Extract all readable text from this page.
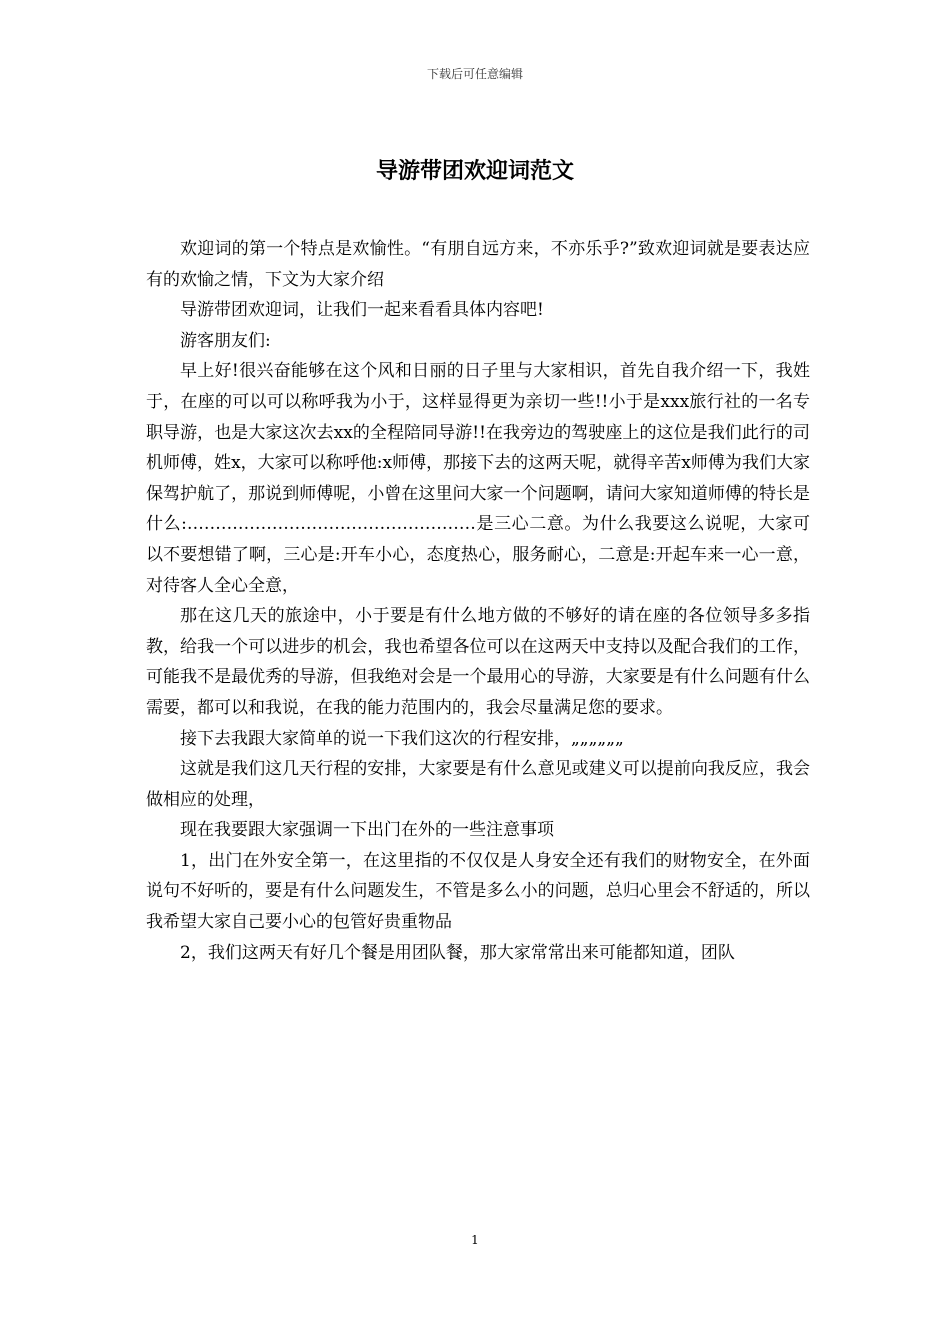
下载后可任意编辑
导游带团欢迎词范文

欢迎词的第一个特点是欢愉性。“有朋自远方来，不亦乐乎?”致欢迎词就是要表达应有的欢愉之情，下文为大家介绍

导游带团欢迎词，让我们一起来看看具体内容吧!

游客朋友们:

早上好!很兴奋能够在这个风和日丽的日子里与大家相识，首先自我介绍一下，我姓于，在座的可以可以称呼我为小于，这样显得更为亲切一些!!小于是xxx旅行社的一名专职导游，也是大家这次去xx的全程陪同导游!!在我旁边的驾驶座上的这位是我们此行的司机师傅，姓x，大家可以称呼他:x师傅，那接下去的这两天呢，就得辛苦x师傅为我们大家保驾护航了，那说到师傅呢，小曾在这里问大家一个问题啊，请问大家知道师傅的特长是什么:……………………………………………是三心二意。为什么我要这么说呢，大家可以不要想错了啊，三心是:开车小心，态度热心，服务耐心，二意是:开起车来一心一意，对待客人全心全意，

那在这几天的旅途中，小于要是有什么地方做的不够好的请在座的各位领导多多指教，给我一个可以进步的机会，我也希望各位可以在这两天中支持以及配合我们的工作，可能我不是最优秀的导游，但我绝对会是一个最用心的导游，大家要是有什么问题有什么需要，都可以和我说，在我的能力范围内的，我会尽量满足您的要求。

接下去我跟大家简单的说一下我们这次的行程安排，„„„„„„

这就是我们这几天行程的安排，大家要是有什么意见或建义可以提前向我反应，我会做相应的处理，

现在我要跟大家强调一下出门在外的一些注意事项

1，出门在外安全第一，在这里指的不仅仅是人身安全还有我们的财物安全，在外面说句不好听的，要是有什么问题发生，不管是多么小的问题，总归心里会不舒适的，所以我希望大家自己要小心的包管好贵重物品

2，我们这两天有好几个餐是用团队餐，那大家常常出来可能都知道，团队

1
